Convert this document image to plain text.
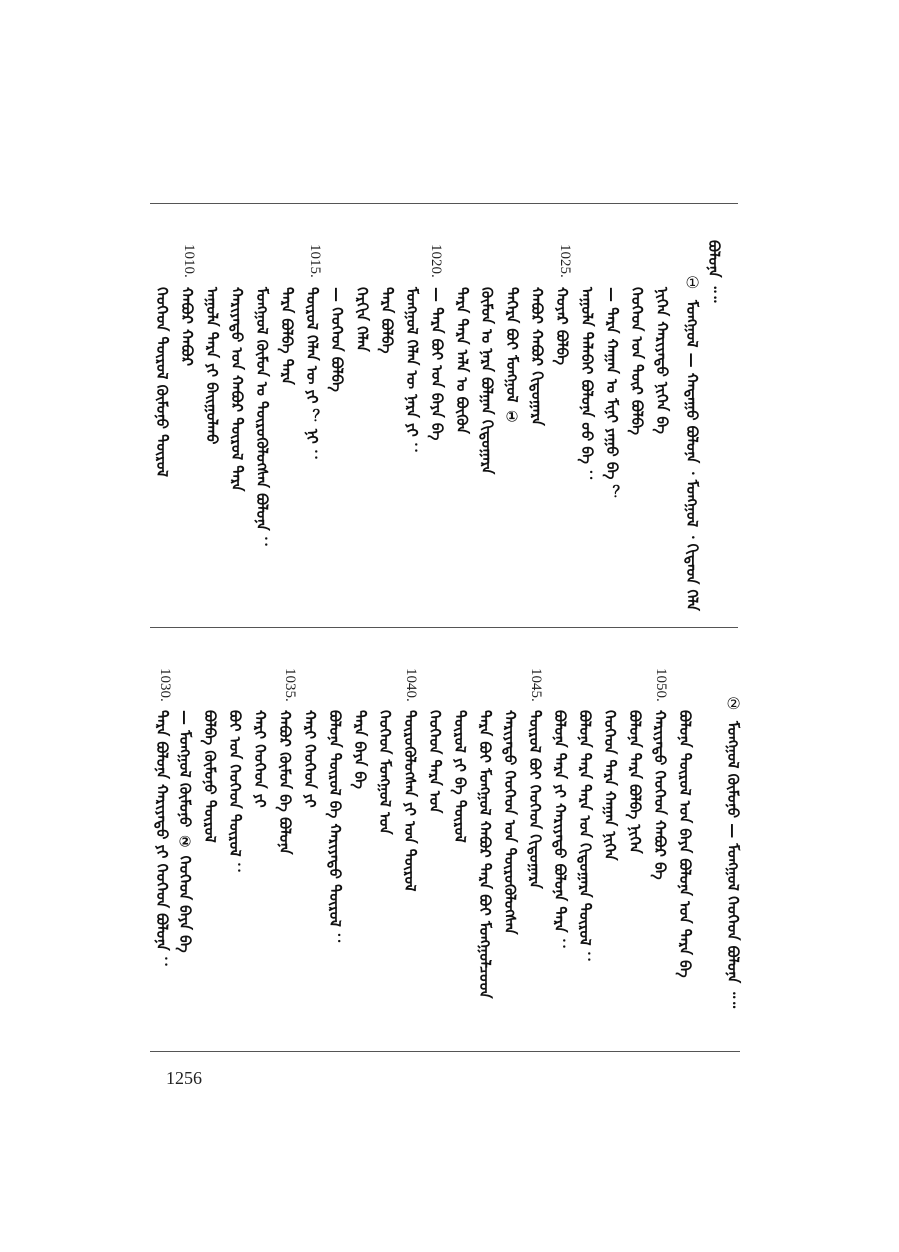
ᠪᠣᠯᠤᠨᠠ ᠃᠃
①
ᠮᠣᠩᠭᠣᠯ — ᠬᠠᠲᠠᠭᠤ ᠪᠣᠯᠤᠨᠠ ᠂ ᠮᠣᠩᠭᠣᠯ ᠂ ᠬᠢᠲᠠᠳ ᠬᠡᠯᠡ
1025.
1020.
1015.
1010.
ᠨᠢᠭᠡᠨ ᠬᠠᠷᠢᠶᠠᠲᠤ ᠨᠢᠭᠡᠨ ᠪᠠ
ᠬᠡᠦᠬᠡᠳ ᠤᠨ ᠳᠦᠷ ᠪᠣᠯᠪᠠ
— ᠲᠡᠷᠡ ᠬᠠᠭᠠᠨ ᠤ ᠮᠢᠨᠢ ᠶᠠᠭᠤ ᠪᠡ ？
ᠠᠭᠤᠯᠠ ᠲᠠᠯᠠᠪᠠᠢ ᠪᠣᠯᠤᠨᠠ ᠤᠤ ᠪᠠ ：
ᠬᠣᠶᠠᠷ ᠪᠣᠯᠪᠠ
ᠬᠠᠪᠤᠷ ᠬᠠᠪᠤᠷ ᠬᠢᠳᠤᠭᠠᠷᠠ
ᠳᠡᠭᠡᠷᠡ ᠪᠤᠢ ᠮᠣᠩᠭᠣᠯ ①
ᠬᠦᠮᠦᠨ ᠤ ᠨᠡᠷᠡ ᠪᠣᠯᠭᠠᠨ ᠬᠢᠳᠤᠭᠠᠷᠠ
ᠲᠡᠷᠡ ᠲᠡᠷᠡ ᠠᠯᠠ ᠤ ᠪᠦᠬᠦᠨ
— ᠲᠡᠷᠡ ᠪᠣᠢ ᠤᠨ ᠪᠠᠶᠠ ᠪᠠ
ᠮᠣᠩᠭᠣᠯ ᠬᠡᠯᠡᠨ ᠦ ᠨᠡᠷᠡ ᠶᠢ ：
ᠲᠡᠷᠡ ᠪᠣᠯᠪᠠ
ᠬᠡᠷᠬᠢᠨ ᠬᠡᠯᠡᠨ
— ᠬᠡᠦᠬᠡᠳ ᠪᠣᠯᠪᠠ
ᠲᠦᠷᠦᠯ ᠬᠡᠯᠡᠨ ᠦ ᠶᠢ ？ ᠨᠢ ：
ᠲᠡᠷᠡ ᠪᠣᠯᠪᠠ ᠲᠡᠷᠡ
ᠮᠣᠩᠭᠣᠯ ᠬᠦᠮᠦᠨ ᠤ ᠲᠦᠷᠦᠭᠦᠯᠦᠭᠰᠡᠨ ᠪᠣᠯᠤᠨᠠ ：
ᠬᠠᠷᠢᠶᠠᠲᠤ ᠤᠨ ᠬᠠᠪᠤᠷ ᠲᠦᠷᠦᠯ ᠲᠡᠷᠡ
ᠠᠭᠤᠯᠠ ᠲᠡᠷᠡ ᠶᠢ ᠪᠠᠢᠭᠤᠯᠬᠤ
ᠬᠠᠪᠤᠷ ᠬᠠᠪᠤᠷ
ᠬᠡᠦᠬᠡᠳ ᠲᠦᠷᠦᠯ ᠬᠦᠮᠦᠨᠦ ᠲᠦᠷᠦᠯ
②
ᠮᠣᠩᠭᠣᠯ ᠬᠦᠮᠦᠨᠦ — ᠮᠣᠩᠭᠣᠯ ᠬᠡᠦᠬᠡᠳ ᠪᠣᠯᠤᠨᠠ ᠃᠃
1050.
1045.
1040.
1035.
1030.
ᠪᠣᠯᠤᠨᠠ ᠲᠦᠷᠦᠯ ᠤᠨ ᠪᠠᠶᠠ ᠪᠣᠯᠤᠨᠠ ᠤᠨ ᠲᠡᠷᠡ ᠪᠠ
ᠬᠠᠷᠢᠶᠠᠲᠤ ᠬᠡᠦᠬᠡᠳ ᠬᠠᠪᠤᠷ ᠪᠠ
ᠪᠣᠯᠤᠨᠠ ᠲᠡᠷᠡ ᠪᠣᠯᠪᠠ ᠨᠢᠭᠡᠨ
ᠬᠡᠦᠬᠡᠳ ᠲᠡᠷᠡ ᠬᠠᠭᠠᠨ ᠨᠢᠭᠡᠨ
ᠪᠣᠯᠤᠨᠠ ᠲᠡᠷᠡ ᠲᠡᠷᠡ ᠤᠨ ᠬᠢᠳᠤᠭᠠᠷᠠ ᠲᠦᠷᠦᠯ ：
ᠪᠣᠯᠤᠨᠠ ᠲᠡᠷᠡ ᠶᠢ ᠬᠠᠷᠢᠶᠠᠲᠤ ᠪᠣᠯᠤᠨᠠ ᠲᠡᠷᠡ ：
ᠲᠦᠷᠦᠯ ᠪᠣᠢ ᠬᠡᠦᠬᠡᠳ ᠬᠢᠳᠤᠭᠠᠷᠠ
ᠬᠠᠷᠢᠶᠠᠲᠤ ᠬᠡᠦᠬᠡᠳ ᠤᠨ ᠲᠦᠷᠦᠭᠦᠯᠦᠭᠰᠡᠨ
ᠲᠡᠷᠡ ᠪᠣᠢ ᠮᠣᠩᠭᠣᠯ ᠬᠠᠪᠤᠷ ᠲᠡᠷᠡ ᠪᠣᠢ ᠮᠣᠩᠭᠣᠯᠴᠤᠳ
ᠲᠦᠷᠦᠯ ᠶᠢ ᠪᠠ ᠲᠦᠷᠦᠯ
ᠬᠡᠦᠬᠡᠳ ᠲᠡᠷᠡ ᠤᠨ
ᠲᠦᠷᠦᠭᠦᠯᠦᠭᠰᠡᠨ ᠶᠢ ᠤᠨ ᠲᠦᠷᠦᠯ
ᠬᠡᠦᠬᠡᠳ ᠮᠣᠩᠭᠣᠯ ᠤᠨ
ᠲᠡᠷᠡ ᠪᠠᠶᠠ ᠪᠠ
ᠪᠣᠯᠤᠨᠠ ᠲᠦᠷᠦᠯ ᠪᠠ ᠬᠠᠷᠢᠶᠠᠲᠤ ᠲᠦᠷᠦᠯ ：
ᠬᠠᠷᠢ ᠬᠡᠦᠬᠡᠳ ᠶᠢ
ᠬᠠᠪᠤᠷ ᠬᠦᠮᠦᠨ ᠪᠠ ᠪᠣᠯᠤᠨᠠ
ᠬᠠᠷᠢ ᠬᠡᠦᠬᠡᠳ ᠶᠢ
ᠪᠣᠢ ᠤᠨ ᠬᠡᠦᠬᠡᠳ ᠲᠦᠷᠦᠯ ：
ᠪᠣᠯᠪᠠ ᠬᠦᠮᠦᠨᠦ ᠲᠦᠷᠦᠯ
— ᠮᠣᠩᠭᠣᠯ ᠬᠦᠮᠦᠨᠦ ② ᠬᠡᠦᠬᠡᠳ ᠪᠠᠶᠠ ᠪᠠ
ᠲᠡᠷᠡ ᠪᠣᠯᠤᠨᠠ ᠬᠠᠷᠢᠶᠠᠲᠤ ᠶᠢ ᠬᠡᠦᠬᠡᠳ ᠪᠣᠯᠤᠨᠠ ：
1256
